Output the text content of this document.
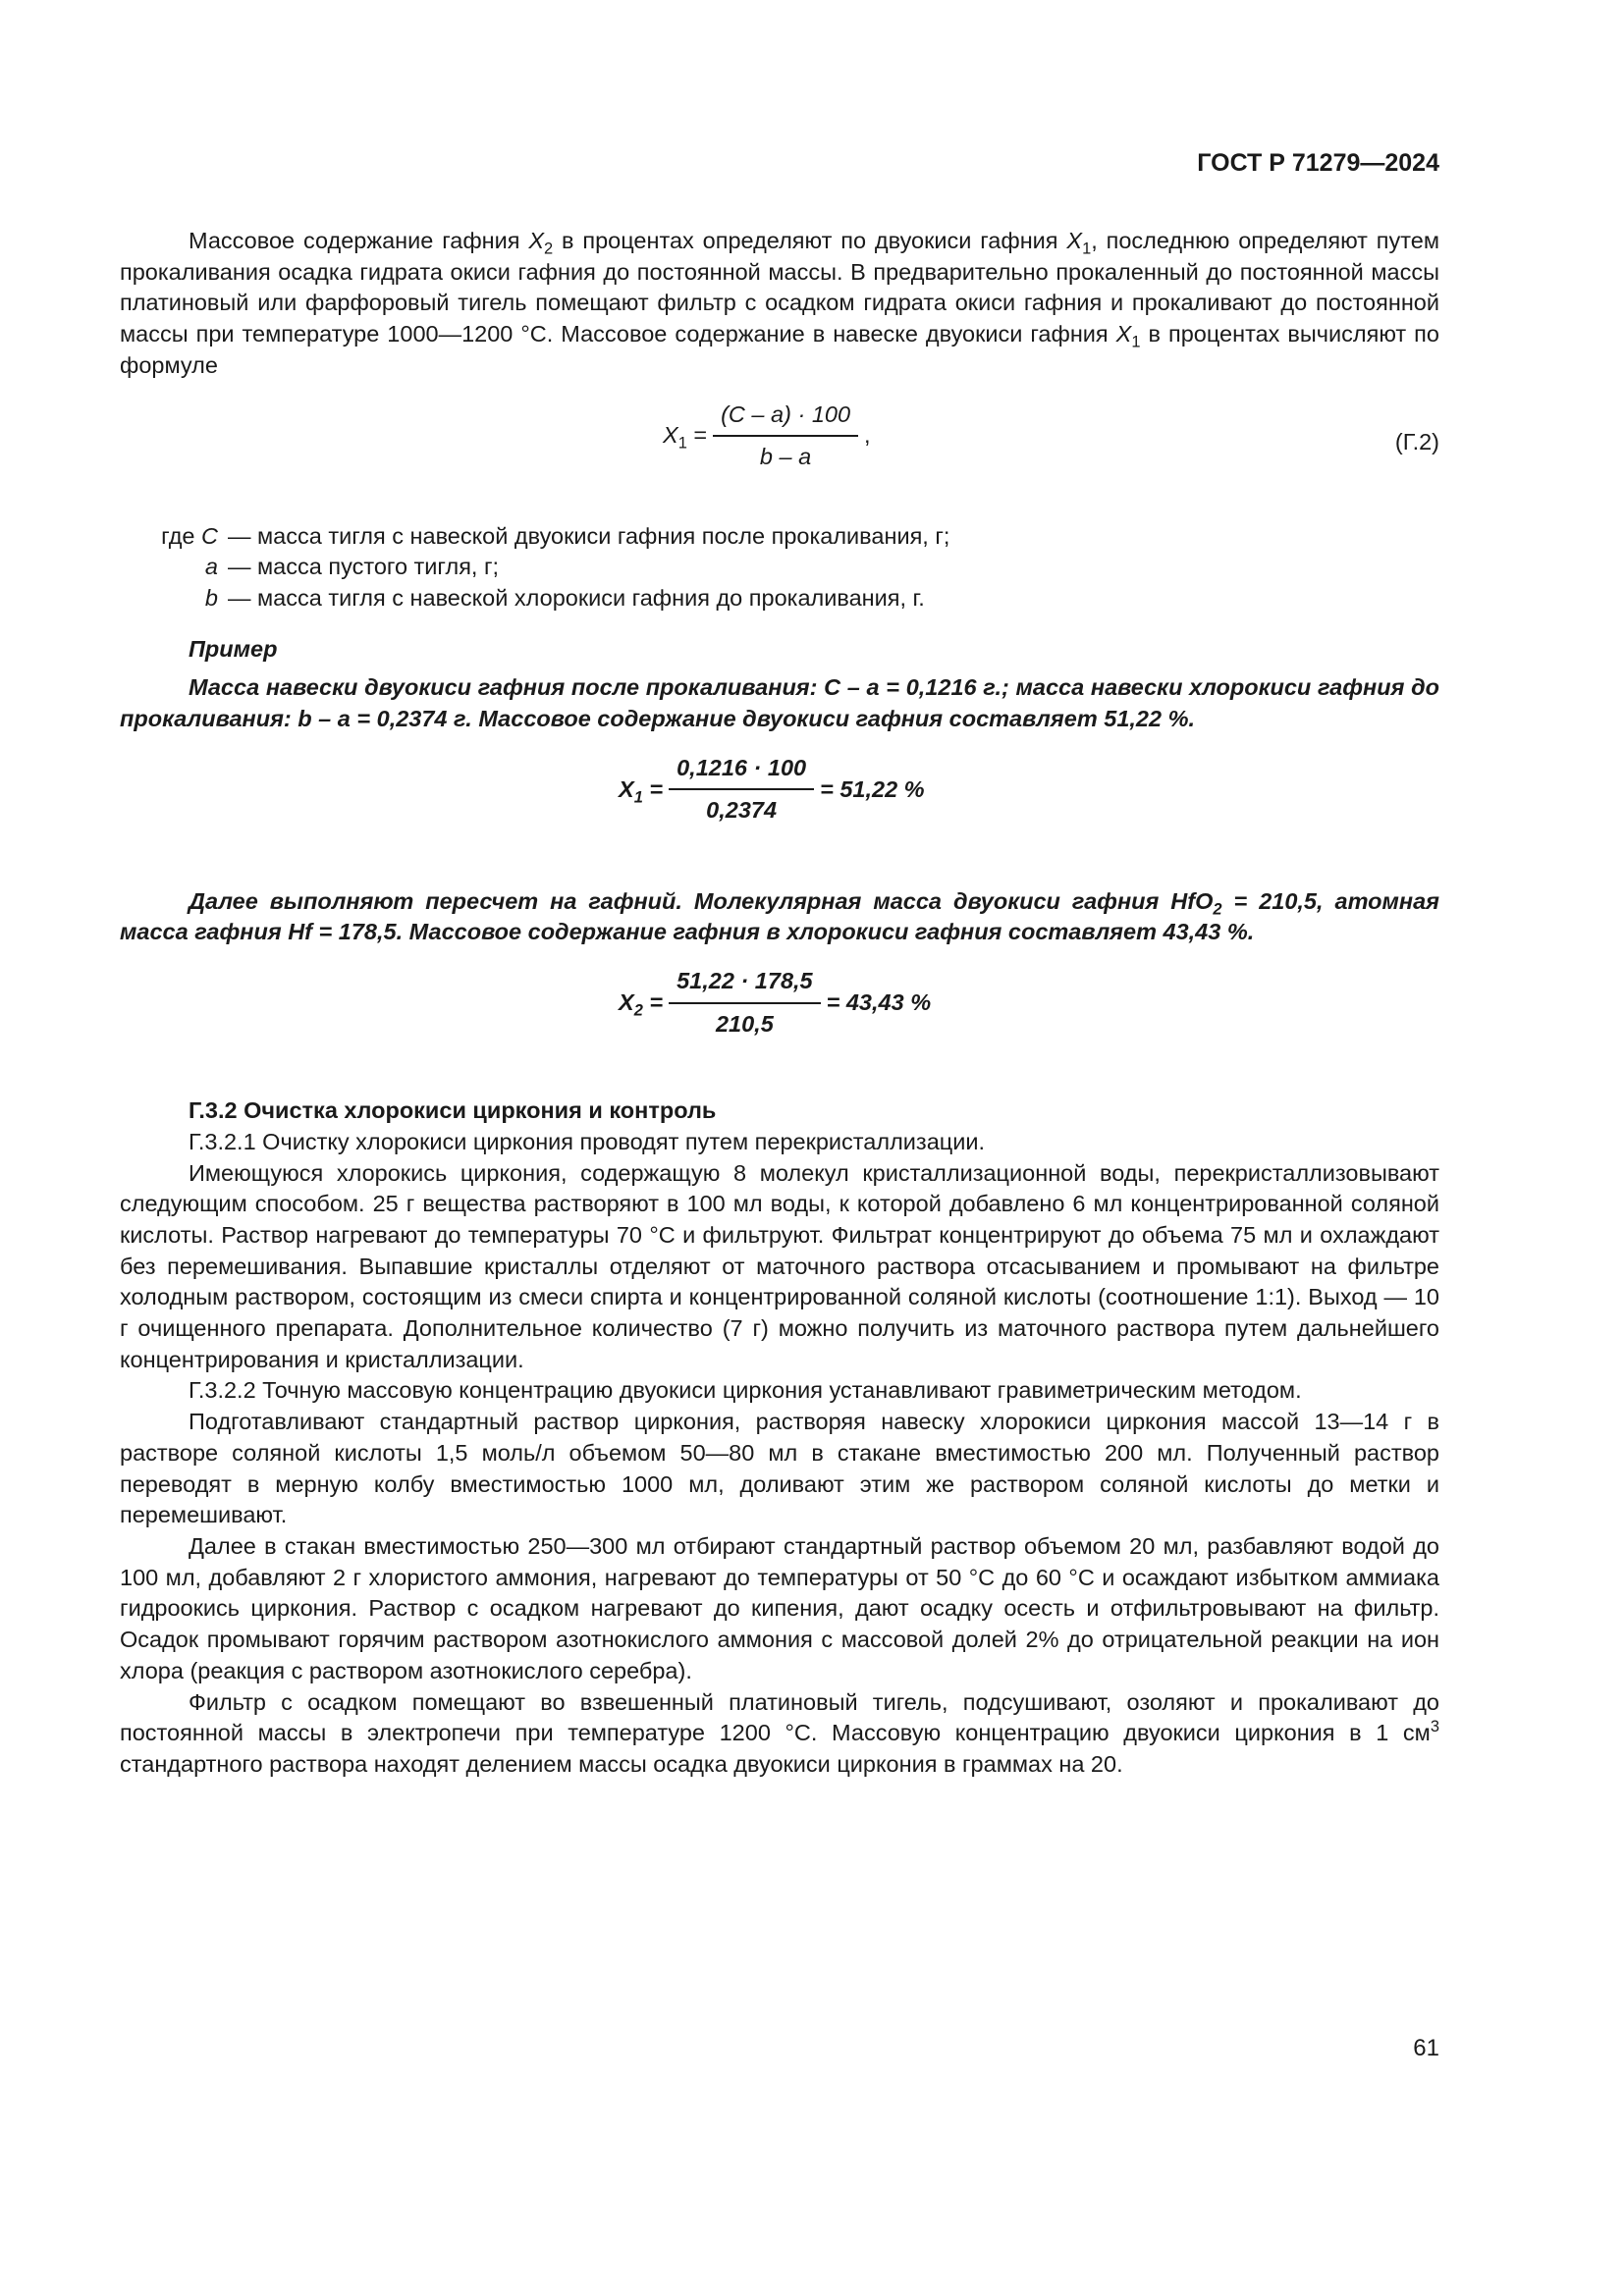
ГОСТ Р 71279—2024

Массовое содержание гафния $X_2$ в процентах определяют по двуокиси гафния $X_1$, последнюю определяют путем прокаливания осадка гидрата окиси гафния до постоянной массы. В предварительно прокаленный до постоянной массы платиновый или фарфоровый тигель помещают фильтр с осадком гидрата окиси гафния и прокаливают до постоянной массы при температуре 1000—1200 °С. Массовое содержание в навеске двуокиси гафния $X_1$ в процентах вычисляют по формуле

$X_1 = \frac{(C - a) \cdot 100}{b - a}$ ,	(Г.2)
где C — масса тигля с навеской двуокиси гафния после прокаливания, г;
a — масса пустого тигля, г;
b — масса тигля с навеской хлорокиси гафния до прокаливания, г.

Пример

Масса навески двуокиси гафния после прокаливания: С – а = 0,1216 г.; масса навески хлорокиси гафния до прокаливания: b – а = 0,2374 г. Массовое содержание двуокиси гафния составляет 51,22 %.

$X_1 = \frac{0,1216 \cdot 100}{0,2374} = 51,22$ %

Далее выполняют пересчет на гафний. Молекулярная масса двуокиси гафния HfO$_2$ = 210,5, атомная масса гафния Hf = 178,5. Массовое содержание гафния в хлорокиси гафния составляет 43,43 %.

$X_2 = \frac{51,22 \cdot 178,5}{210,5} = 43,43$ %

Г.3.2 Очистка хлорокиси циркония и контроль

Г.3.2.1 Очистку хлорокиси циркония проводят путем перекристаллизации.

Имеющуюся хлорокись циркония, содержащую 8 молекул кристаллизационной воды, перекристаллизовывают следующим способом. 25 г вещества растворяют в 100 мл воды, к которой добавлено 6 мл концентрированной соляной кислоты. Раствор нагревают до температуры 70 °С и фильтруют. Фильтрат концентрируют до объема 75 мл и охлаждают без перемешивания. Выпавшие кристаллы отделяют от маточного раствора отсасыванием и промывают на фильтре холодным раствором, состоящим из смеси спирта и концентрированной соляной кислоты (соотношение 1:1). Выход — 10 г очищенного препарата. Дополнительное количество (7 г) можно получить из маточного раствора путем дальнейшего концентрирования и кристаллизации.

Г.3.2.2 Точную массовую концентрацию двуокиси циркония устанавливают гравиметрическим методом.

Подготавливают стандартный раствор циркония, растворяя навеску хлорокиси циркония массой 13—14 г в растворе соляной кислоты 1,5 моль/л объемом 50—80 мл в стакане вместимостью 200 мл. Полученный раствор переводят в мерную колбу вместимостью 1000 мл, доливают этим же раствором соляной кислоты до метки и перемешивают.

Далее в стакан вместимостью 250—300 мл отбирают стандартный раствор объемом 20 мл, разбавляют водой до 100 мл, добавляют 2 г хлористого аммония, нагревают до температуры от 50 °С до 60 °С и осаждают избытком аммиака гидроокись циркония. Раствор с осадком нагревают до кипения, дают осадку осесть и отфильтровывают на фильтр. Осадок промывают горячим раствором азотнокислого аммония с массовой долей 2% до отрицательной реакции на ион хлора (реакция с раствором азотнокислого серебра).

Фильтр с осадком помещают во взвешенный платиновый тигель, подсушивают, озоляют и прокаливают до постоянной массы в электропечи при температуре 1200 °С. Массовую концентрацию двуокиси циркония в 1 $см^3$ стандартного раствора находят делением массы осадка двуокиси циркония в граммах на 20.

61
